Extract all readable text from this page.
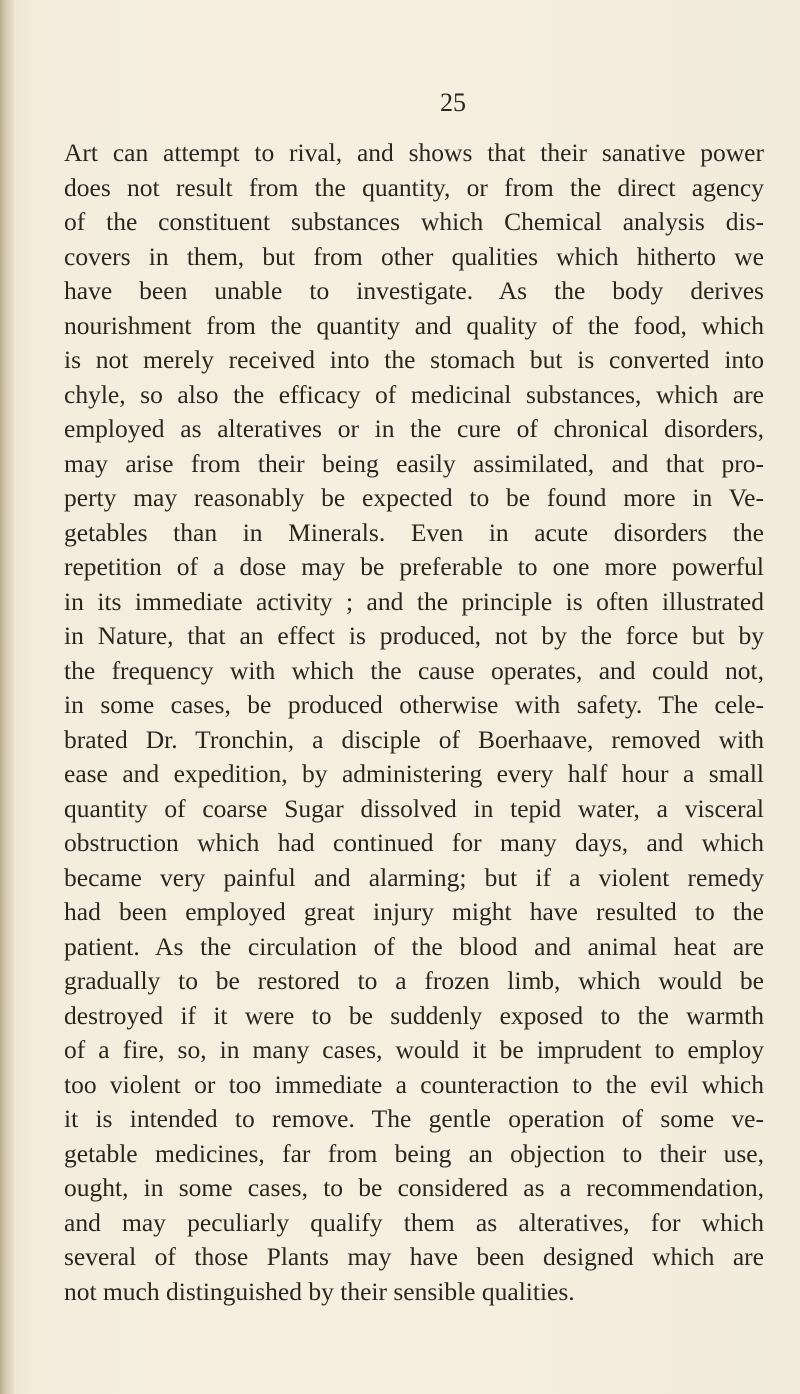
25
Art can attempt to rival, and shows that their sanative power
does not result from the quantity, or from the direct agency
of the constituent substances which Chemical analysis dis-
covers in them, but from other qualities which hitherto we
have been unable to investigate. As the body derives
nourishment from the quantity and quality of the food, which
is not merely received into the stomach but is converted into
chyle, so also the efficacy of medicinal substances, which are
employed as alteratives or in the cure of chronical disorders,
may arise from their being easily assimilated, and that pro-
perty may reasonably be expected to be found more in Ve-
getables than in Minerals. Even in acute disorders the
repetition of a dose may be preferable to one more powerful
in its immediate activity ; and the principle is often illustrated
in Nature, that an effect is produced, not by the force but by
the frequency with which the cause operates, and could not,
in some cases, be produced otherwise with safety. The cele-
brated Dr. Tronchin, a disciple of Boerhaave, removed with
ease and expedition, by administering every half hour a small
quantity of coarse Sugar dissolved in tepid water, a visceral
obstruction which had continued for many days, and which
became very painful and alarming; but if a violent remedy
had been employed great injury might have resulted to the
patient. As the circulation of the blood and animal heat are
gradually to be restored to a frozen limb, which would be
destroyed if it were to be suddenly exposed to the warmth
of a fire, so, in many cases, would it be imprudent to employ
too violent or too immediate a counteraction to the evil which
it is intended to remove. The gentle operation of some ve-
getable medicines, far from being an objection to their use,
ought, in some cases, to be considered as a recommendation,
and may peculiarly qualify them as alteratives, for which
several of those Plants may have been designed which are
not much distinguished by their sensible qualities.
